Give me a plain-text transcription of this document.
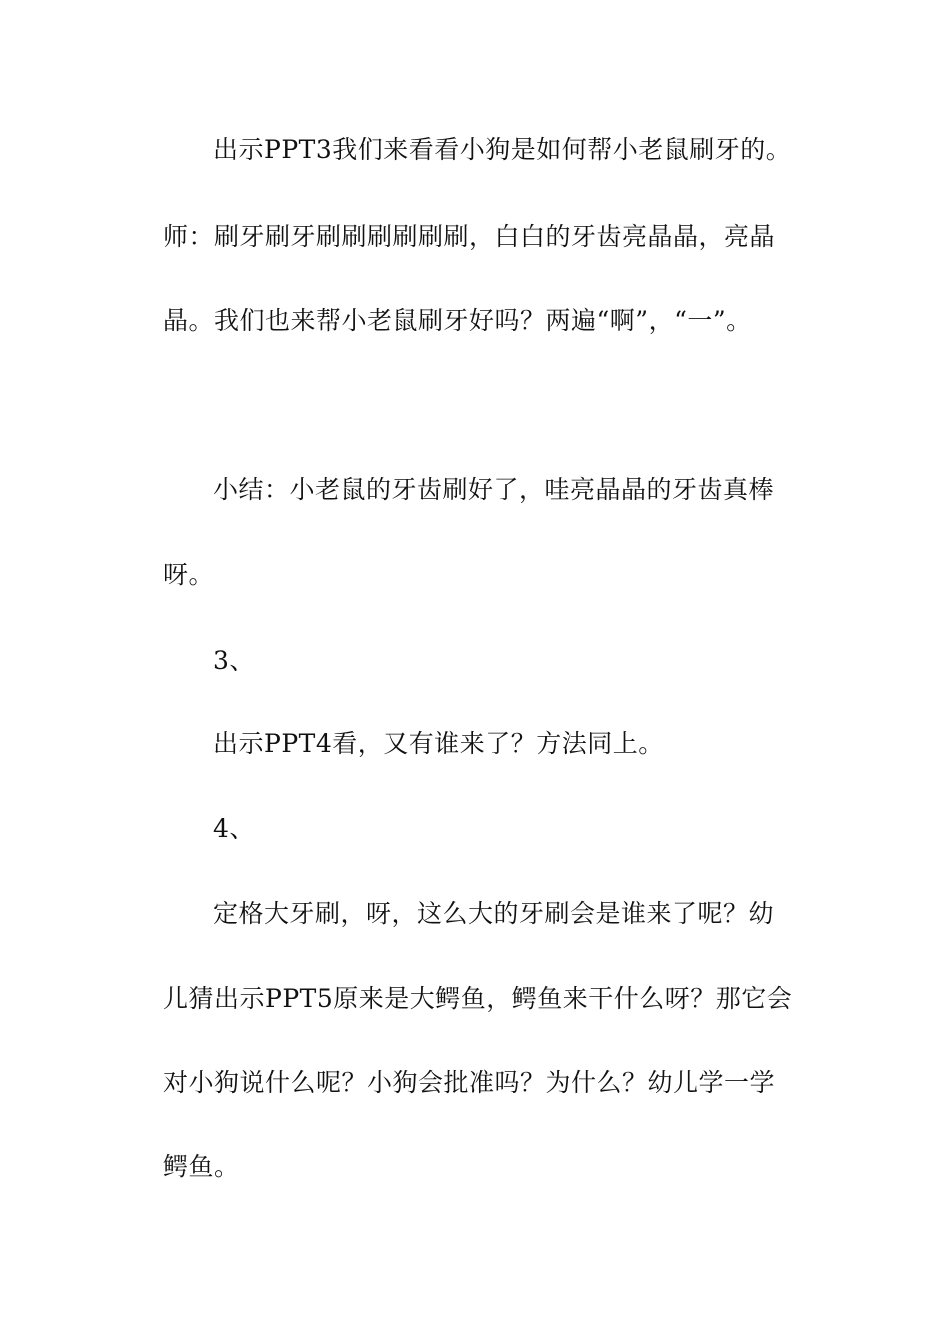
出示PPT3我们来看看小狗是如何帮小老鼠刷牙的。
师：刷牙刷牙刷刷刷刷刷刷，白白的牙齿亮晶晶，亮晶
晶。我们也来帮小老鼠刷牙好吗？两遍“啊”，“一”。
小结：小老鼠的牙齿刷好了，哇亮晶晶的牙齿真棒
呀。
3、
出示PPT4看，又有谁来了？方法同上。
4、
定格大牙刷，呀，这么大的牙刷会是谁来了呢？幼
儿猜出示PPT5原来是大鳄鱼，鳄鱼来干什么呀？那它会
对小狗说什么呢？小狗会批准吗？为什么？幼儿学一学
鳄鱼。
